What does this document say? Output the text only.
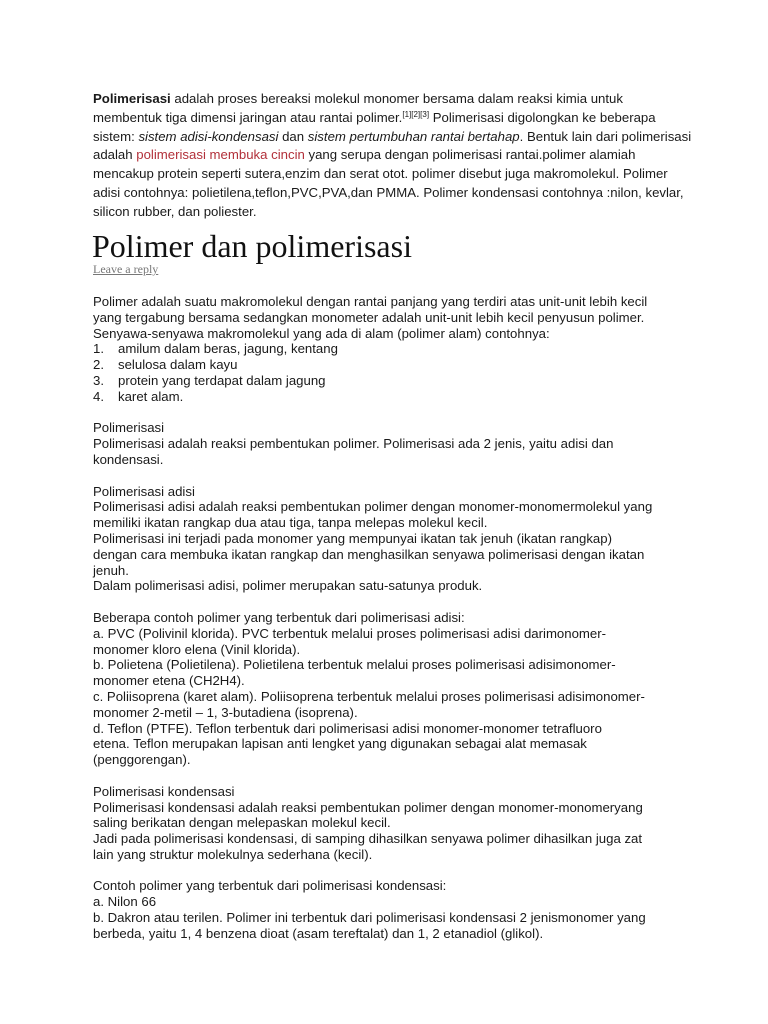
Polimerisasi adalah proses bereaksi molekul monomer bersama dalam reaksi kimia untuk membentuk tiga dimensi jaringan atau rantai polimer.[1][2][3] Polimerisasi digolongkan ke beberapa sistem: sistem adisi-kondensasi dan sistem pertumbuhan rantai bertahap. Bentuk lain dari polimerisasi adalah polimerisasi membuka cincin yang serupa dengan polimerisasi rantai.polimer alamiah mencakup protein seperti sutera,enzim dan serat otot. polimer disebut juga makromolekul. Polimer adisi contohnya: polietilena,teflon,PVC,PVA,dan PMMA. Polimer kondensasi contohnya :nilon, kevlar, silicon rubber, dan poliester.

Polimer dan polimerisasi
Leave a reply
Polimer adalah suatu makromolekul dengan rantai panjang yang terdiri atas unit-unit lebih kecil
yang tergabung bersama sedangkan monometer adalah unit-unit lebih kecil penyusun polimer.
Senyawa-senyawa makromolekul yang ada di alam (polimer alam) contohnya:
1. amilum dalam beras, jagung, kentang
2. selulosa dalam kayu
3. protein yang terdapat dalam jagung
4. karet alam.
Polimerisasi
Polimerisasi adalah reaksi pembentukan polimer. Polimerisasi ada 2 jenis, yaitu adisi dan
kondensasi.
Polimerisasi adisi
Polimerisasi adisi adalah reaksi pembentukan polimer dengan monomer-monomermolekul yang
memiliki ikatan rangkap dua atau tiga, tanpa melepas molekul kecil.
Polimerisasi ini terjadi pada monomer yang mempunyai ikatan tak jenuh (ikatan rangkap)
dengan cara membuka ikatan rangkap dan menghasilkan senyawa polimerisasi dengan ikatan
jenuh.
Dalam polimerisasi adisi, polimer merupakan satu-satunya produk.
Beberapa contoh polimer yang terbentuk dari polimerisasi adisi:
a. PVC (Polivinil klorida). PVC terbentuk melalui proses polimerisasi adisi darimonomer-
monomer kloro elena (Vinil klorida).
b. Polietena (Polietilena). Polietilena terbentuk melalui proses polimerisasi adisimonomer-
monomer etena (CH2H4).
c. Poliisoprena (karet alam). Poliisoprena terbentuk melalui proses polimerisasi adisimonomer-
monomer 2-metil – 1, 3-butadiena (isoprena).
d. Teflon (PTFE). Teflon terbentuk dari polimerisasi adisi monomer-monomer tetrafluoro
etena. Teflon merupakan lapisan anti lengket yang digunakan sebagai alat memasak
(penggorengan).
Polimerisasi kondensasi
Polimerisasi kondensasi adalah reaksi pembentukan polimer dengan monomer-monomeryang
saling berikatan dengan melepaskan molekul kecil.
Jadi pada polimerisasi kondensasi, di samping dihasilkan senyawa polimer dihasilkan juga zat
lain yang struktur molekulnya sederhana (kecil).
Contoh polimer yang terbentuk dari polimerisasi kondensasi:
a. Nilon 66
b. Dakron atau terilen. Polimer ini terbentuk dari polimerisasi kondensasi 2 jenismonomer yang
berbeda, yaitu 1, 4 benzena dioat (asam tereftalat) dan 1, 2 etanadiol (glikol).
